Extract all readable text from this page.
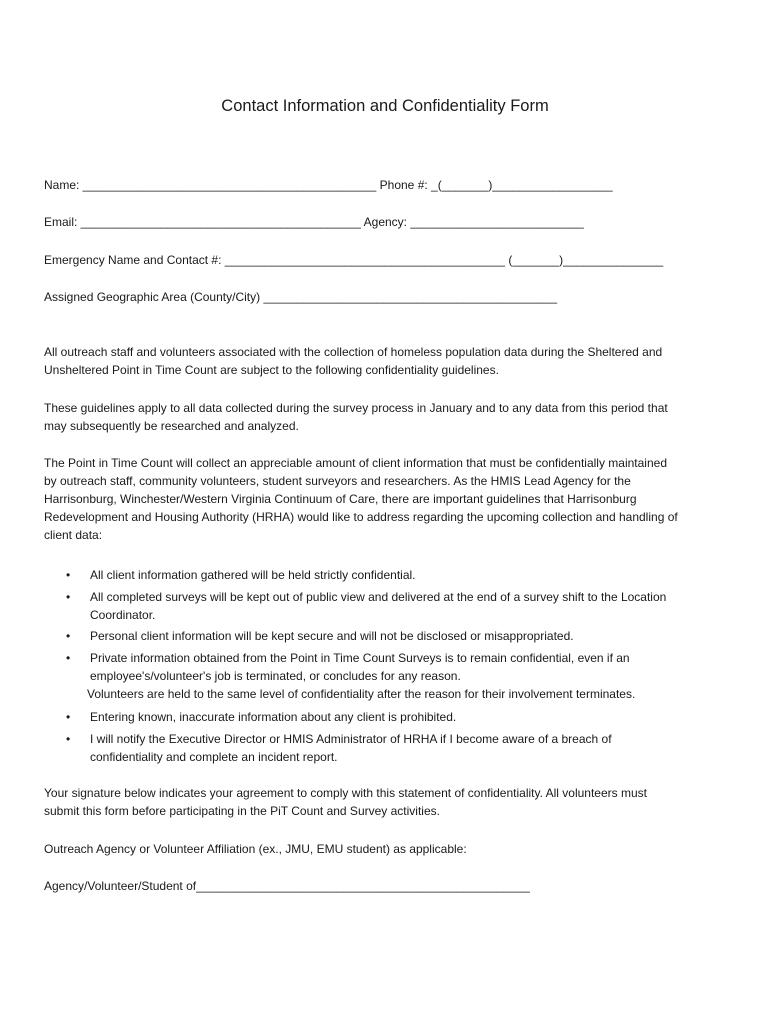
Contact Information and Confidentiality Form
Name: ____________________________________________ Phone #: _(_______)__________________
Email: __________________________________________ Agency: __________________________
Emergency Name and Contact #: __________________________________________ (_______)_______________
Assigned Geographic Area (County/City) ____________________________________________
All outreach staff and volunteers associated with the collection of homeless population data during the Sheltered and
Unsheltered Point in Time Count are subject to the following confidentiality guidelines.
These guidelines apply to all data collected during the survey process in January and to any data from this period that
may subsequently be researched and analyzed.
The Point in Time Count will collect an appreciable amount of client information that must be confidentially maintained
by outreach staff, community volunteers, student surveyors and researchers. As the HMIS Lead Agency for the
Harrisonburg, Winchester/Western Virginia Continuum of Care, there are important guidelines that Harrisonburg
Redevelopment and Housing Authority (HRHA) would like to address regarding the upcoming collection and handling of
client data:
• All client information gathered will be held strictly confidential.
• All completed surveys will be kept out of public view and delivered at the end of a survey shift to the Location
Coordinator.
• Personal client information will be kept secure and will not be disclosed or misappropriated.
• Private information obtained from the Point in Time Count Surveys is to remain confidential, even if an
employee's/volunteer's job is terminated, or concludes for any reason.
Volunteers are held to the same level of confidentiality after the reason for their involvement terminates.
• Entering known, inaccurate information about any client is prohibited.
• I will notify the Executive Director or HMIS Administrator of HRHA if I become aware of a breach of
confidentiality and complete an incident report.
Your signature below indicates your agreement to comply with this statement of confidentiality. All volunteers must
submit this form before participating in the PiT Count and Survey activities.
Outreach Agency or Volunteer Affiliation (ex., JMU, EMU student) as applicable:
Agency/Volunteer/Student of__________________________________________________
